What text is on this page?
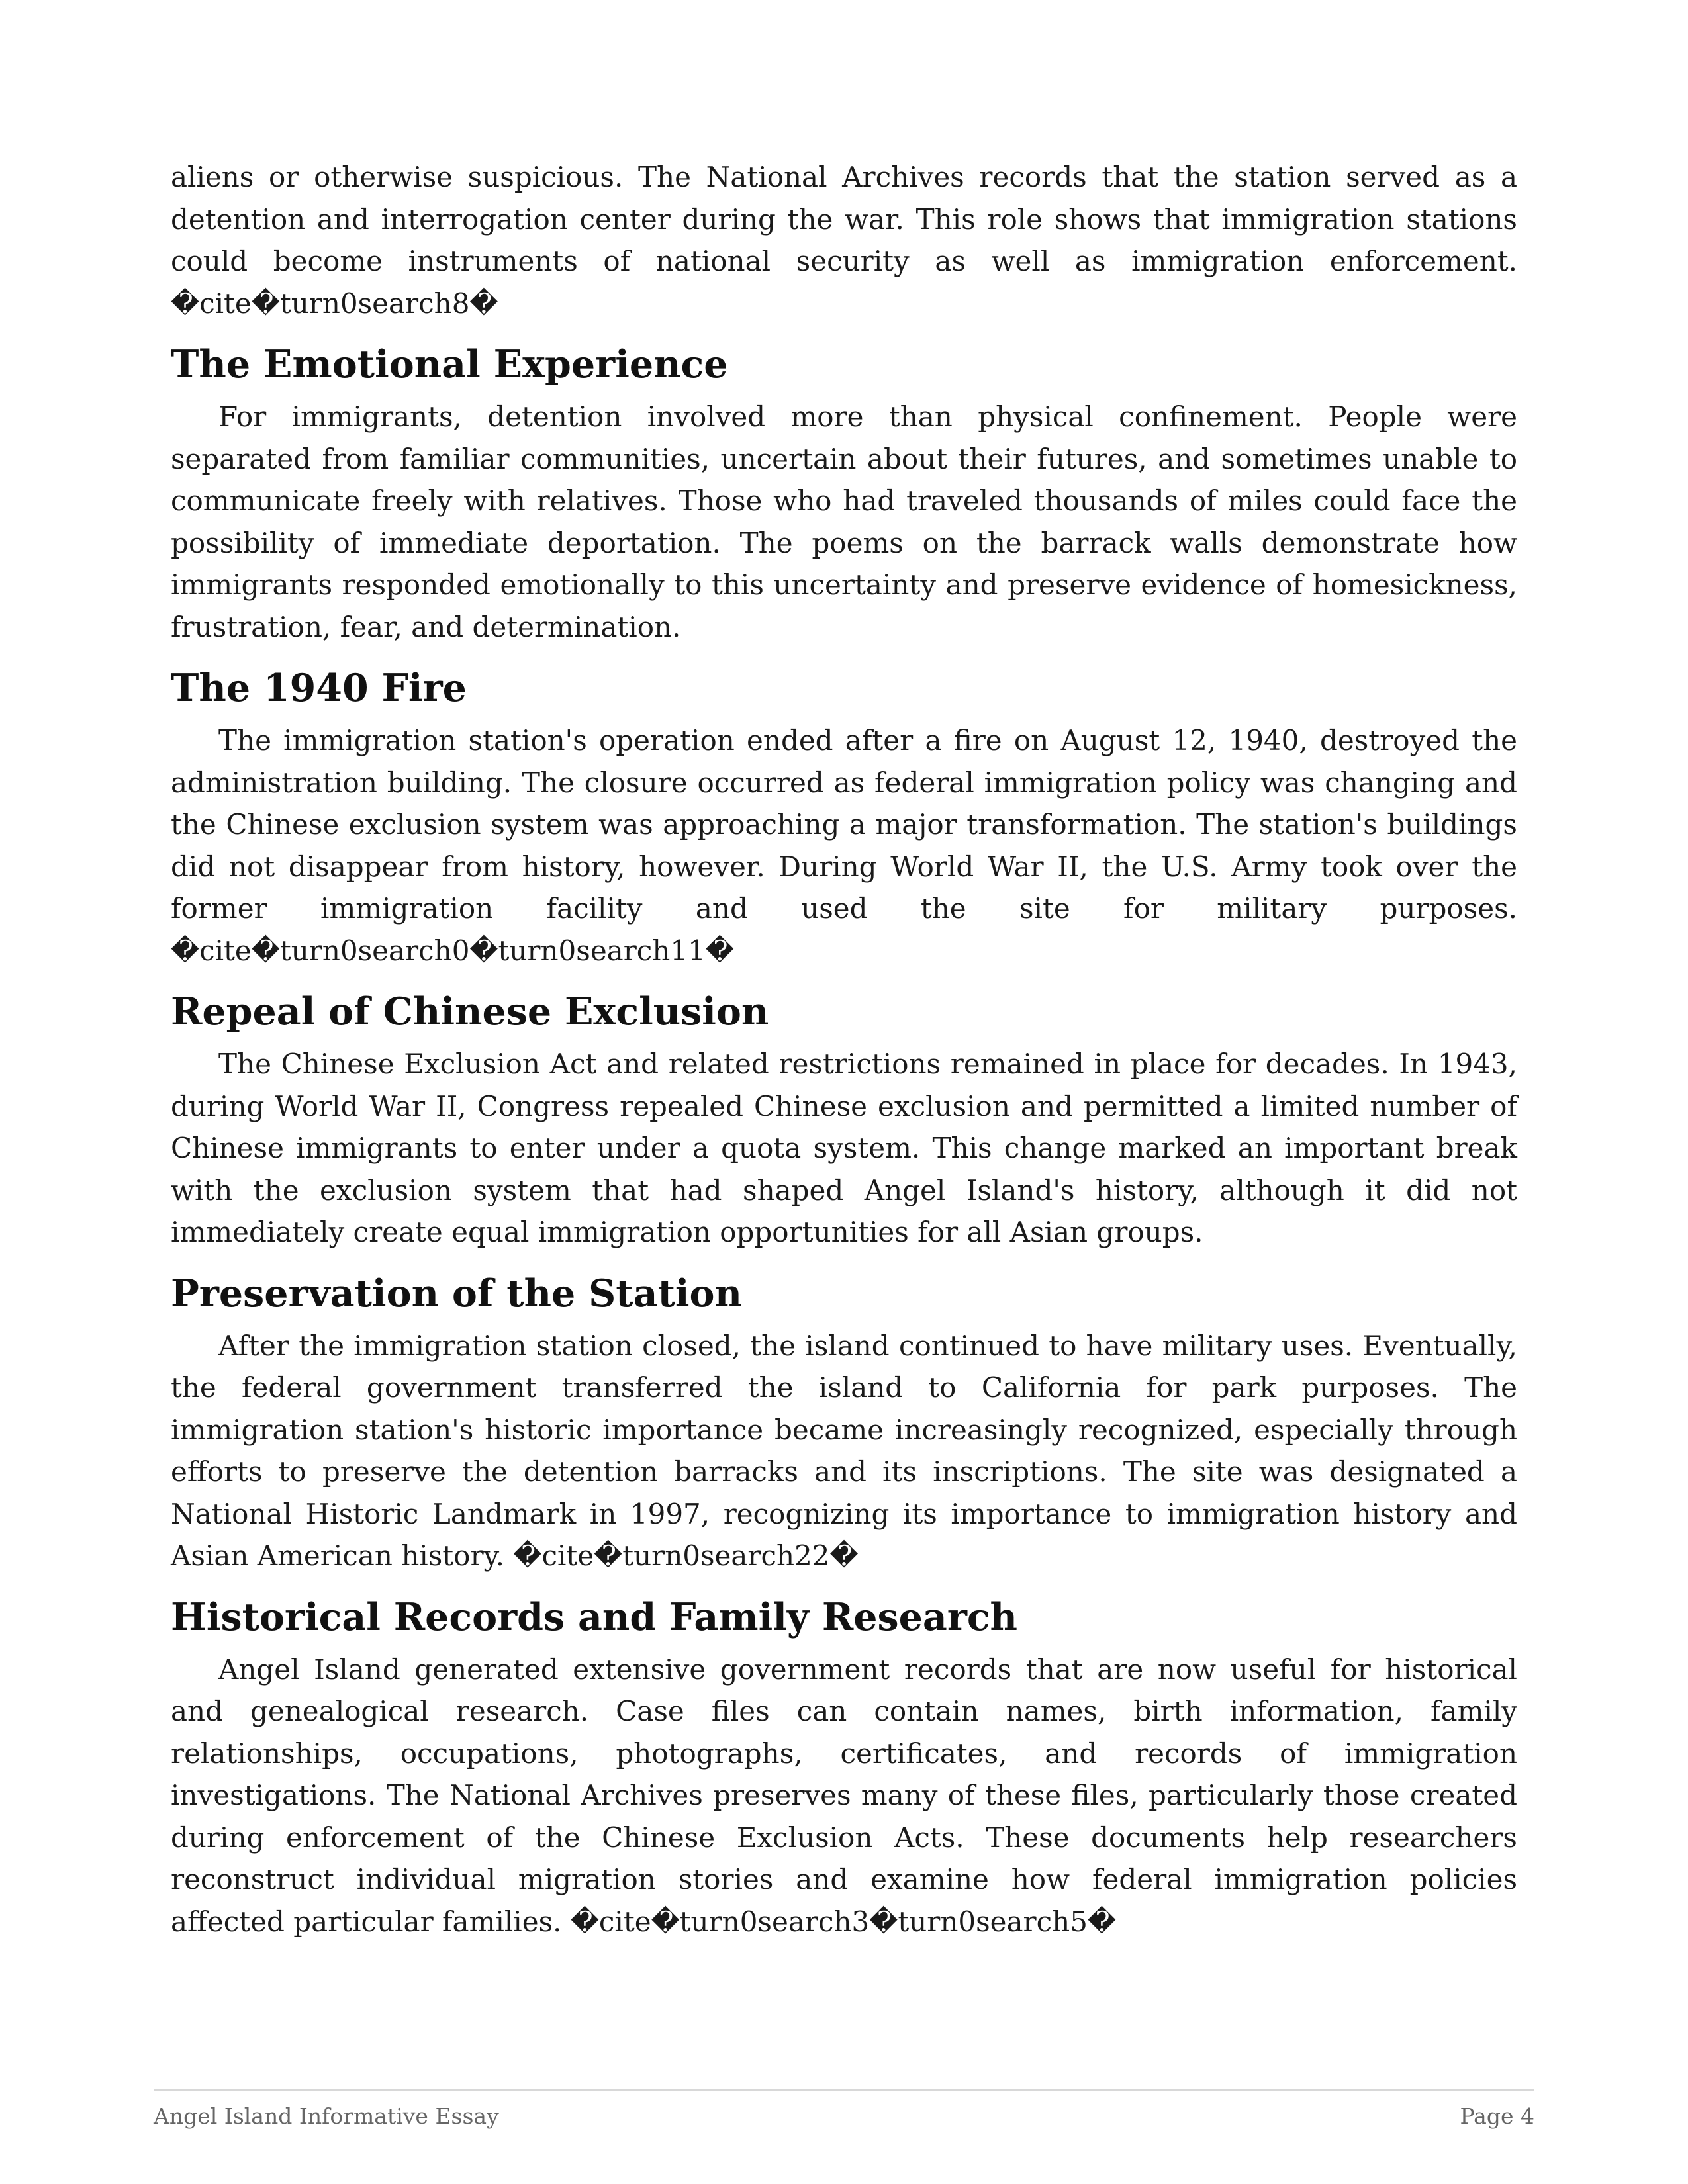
aliens or otherwise suspicious. The National Archives records that the station served as a detention and interrogation center during the war. This role shows that immigration stations could become instruments of national security as well as immigration enforcement. �cite�turn0search8�

The Emotional Experience

For immigrants, detention involved more than physical confinement. People were separated from familiar communities, uncertain about their futures, and sometimes unable to communicate freely with relatives. Those who had traveled thousands of miles could face the possibility of immediate deportation. The poems on the barrack walls demonstrate how immigrants responded emotionally to this uncertainty and preserve evidence of homesickness, frustration, fear, and determination.

The 1940 Fire

The immigration station's operation ended after a fire on August 12, 1940, destroyed the administration building. The closure occurred as federal immigration policy was changing and the Chinese exclusion system was approaching a major transformation. The station's buildings did not disappear from history, however. During World War II, the U.S. Army took over the former immigration facility and used the site for military purposes. �cite�turn0search0�turn0search11�

Repeal of Chinese Exclusion

The Chinese Exclusion Act and related restrictions remained in place for decades. In 1943, during World War II, Congress repealed Chinese exclusion and permitted a limited number of Chinese immigrants to enter under a quota system. This change marked an important break with the exclusion system that had shaped Angel Island's history, although it did not immediately create equal immigration opportunities for all Asian groups.

Preservation of the Station

After the immigration station closed, the island continued to have military uses. Eventually, the federal government transferred the island to California for park purposes. The immigration station's historic importance became increasingly recognized, especially through efforts to preserve the detention barracks and its inscriptions. The site was designated a National Historic Landmark in 1997, recognizing its importance to immigration history and Asian American history. �cite�turn0search22�

Historical Records and Family Research

Angel Island generated extensive government records that are now useful for historical and genealogical research. Case files can contain names, birth information, family relationships, occupations, photographs, certificates, and records of immigration investigations. The National Archives preserves many of these files, particularly those created during enforcement of the Chinese Exclusion Acts. These documents help researchers reconstruct individual migration stories and examine how federal immigration policies affected particular families. �cite�turn0search3�turn0search5�

Angel Island Informative Essay	Page 4
